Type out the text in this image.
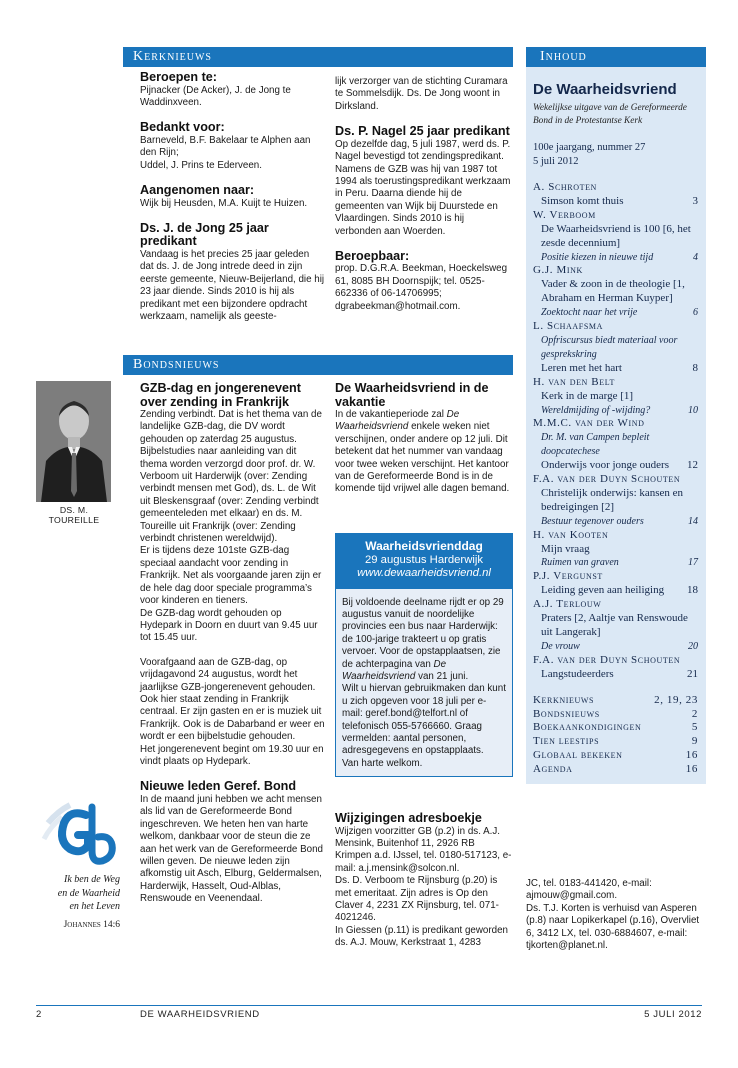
Kerknieuws
Bondsnieuws
Inhoud
Beroepen te:

Pijnacker (De Acker), J. de Jong te Waddinxveen.

Bedankt voor:

Barneveld, B.F. Bakelaar te Alphen aan den Rijn;

Uddel, J. Prins te Ederveen.

Aangenomen naar:

Wijk bij Heusden, M.A. Kuijt te Huizen.

Ds. J. de Jong 25 jaar predikant

Vandaag is het precies 25 jaar geleden dat ds. J. de Jong intrede deed in zijn eerste gemeente, Nieuw-Beijerland, die hij 23 jaar diende. Sinds 2010 is hij als predikant met een bijzondere opdracht werkzaam, namelijk als geeste-

lijk verzorger van de stichting Curamara te Sommelsdijk. Ds. De Jong woont in Dirksland.

Ds. P. Nagel 25 jaar predikant

Op dezelfde dag, 5 juli 1987, werd ds. P. Nagel bevestigd tot zendingspredikant. Namens de GZB was hij van 1987 tot 1994 als toerustingspredikant werkzaam in Peru. Daarna diende hij de gemeenten van Wijk bij Duurstede en Vlaardingen. Sinds 2010 is hij verbonden aan Woerden.

Beroepbaar:

prop. D.G.R.A. Beekman, Hoeckelsweg 61, 8085 BH Doornspijk; tel. 0525-662336 of 06-14706995; dgrabeekman@hotmail.com.

DS. M. TOUREILLE
Ik ben de Weg
en de Waarheid
en het Leven
Johannes 14:6
GZB-dag en jongerenevent over zending in Frankrijk

Zending verbindt. Dat is het thema van de landelijke GZB-dag, die DV wordt gehouden op zaterdag 25 augustus. Bijbelstudies naar aanleiding van dit thema worden verzorgd door prof. dr. W. Verboom uit Harderwijk (over: Zending verbindt mensen met God), ds. L. de Wit uit Bleskensgraaf (over: Zending verbindt gemeenteleden met elkaar) en ds. M. Toureille uit Frankrijk (over: Zending verbindt christenen wereldwijd).

Er is tijdens deze 101ste GZB-dag speciaal aandacht voor zending in Frankrijk. Net als voorgaande jaren zijn er de hele dag door speciale programma’s voor kinderen en tieners.

De GZB-dag wordt gehouden op Hydepark in Doorn en duurt van 9.45 uur tot 15.45 uur.

Voorafgaand aan de GZB-dag, op vrijdagavond 24 augustus, wordt het jaarlijkse GZB-jongerenevent gehouden. Ook hier staat zending in Frankrijk centraal. Er zijn gasten en er is muziek uit Frankrijk. Ook is de Dabarband er weer en wordt er een bijbelstudie gehouden.

Het jongerenevent begint om 19.30 uur en vindt plaats op Hydepark.

Nieuwe leden Geref. Bond

In de maand juni hebben we acht mensen als lid van de Gereformeerde Bond ingeschreven. We heten hen van harte welkom, dankbaar voor de steun die ze aan het werk van de Gereformeerde Bond willen geven. De nieuwe leden zijn afkomstig uit Asch, Elburg, Geldermalsen, Harderwijk, Hasselt, Oud-Alblas, Renswoude en Veenendaal.

De Waarheidsvriend in de vakantie

In de vakantieperiode zal De Waarheidsvriend enkele weken niet verschijnen, onder andere op 12 juli. Dit betekent dat het nummer van vandaag voor twee weken verschijnt. Het kantoor van de Gereformeerde Bond is in de komende tijd vrijwel alle dagen bemand.

Waarheidsvrienddag
29 augustus Harderwijk
www.dewaarheidsvriend.nl

Bij voldoende deelname rijdt er op 29 augustus vanuit de noordelijke provincies een bus naar Harderwijk: de 100-jarige trakteert u op gratis vervoer. Voor de opstapplaatsen, zie de achterpagina van De Waarheidsvriend van 21 juni.

Wilt u hiervan gebruikmaken dan kunt u zich opgeven voor 18 juli per e-mail: geref.bond@telfort.nl of telefonisch 055-5766660. Graag vermelden: aantal personen, adresgegevens en opstapplaats.

Van harte welkom.

Wijzigingen adresboekje

Wijzigen voorzitter GB (p.2) in ds. A.J. Mensink, Buitenhof 11, 2926 RB Krimpen a.d. IJssel, tel. 0180-517123, e-mail: a.j.mensink@solcon.nl.

Ds. D. Verboom te Rijnsburg (p.20) is met emeritaat. Zijn adres is Op den Claver 4, 2231 ZX Rijnsburg, tel. 071-4021246.

In Giessen (p.11) is predikant geworden ds. A.J. Mouw, Kerkstraat 1, 4283

De Waarheidsvriend
Wekelijkse uitgave van de Gereformeerde Bond in de Protestantse Kerk
100e jaargang, nummer 27
5 juli 2012
A. Schroten
Simson komt thuis	3
W. Verboom
De Waarheidsvriend is 100 [6, het zesde decennium]
Positie kiezen in nieuwe tijd	4
G.J. Mink
Vader & zoon in de theologie [1, Abraham en Herman Kuyper]
Zoektocht naar het vrije	6
L. Schaafsma
Opfriscursus biedt materiaal voor gesprekskring
Leren met het hart	8
H. van den Belt
Kerk in de marge [1]
Wereldmijding of -wijding?	10
M.M.C. van der Wind
Dr. M. van Campen bepleit doopcatechese
Onderwijs voor jonge ouders	12
F.A. van der Duyn Schouten
Christelijk onderwijs: kansen en bedreigingen [2]
Bestuur tegenover ouders	14
H. van Kooten
Mijn vraag
Ruimen van graven	17
P.J. Vergunst
Leiding geven aan heiliging	18
A.J. Terlouw
Praters [2, Aaltje van Renswoude uit Langerak]
De vrouw	20
F.A. van der Duyn Schouten
Langstudeerders	21
Kerknieuws	2, 19, 23
Bondsnieuws	2
Boekaankondigingen	5
Tien leestips	9
Globaal bekeken	16
Agenda	16

JC, tel. 0183-441420, e-mail: ajmouw@gmail.com.

Ds. T.J. Korten is verhuisd van Asperen (p.8) naar Lopikerkapel (p.16), Overvliet 6, 3412 LX, tel. 030-6884607, e-mail: tjkorten@planet.nl.

2	DE WAARHEIDSVRIEND	5 JULI 2012
